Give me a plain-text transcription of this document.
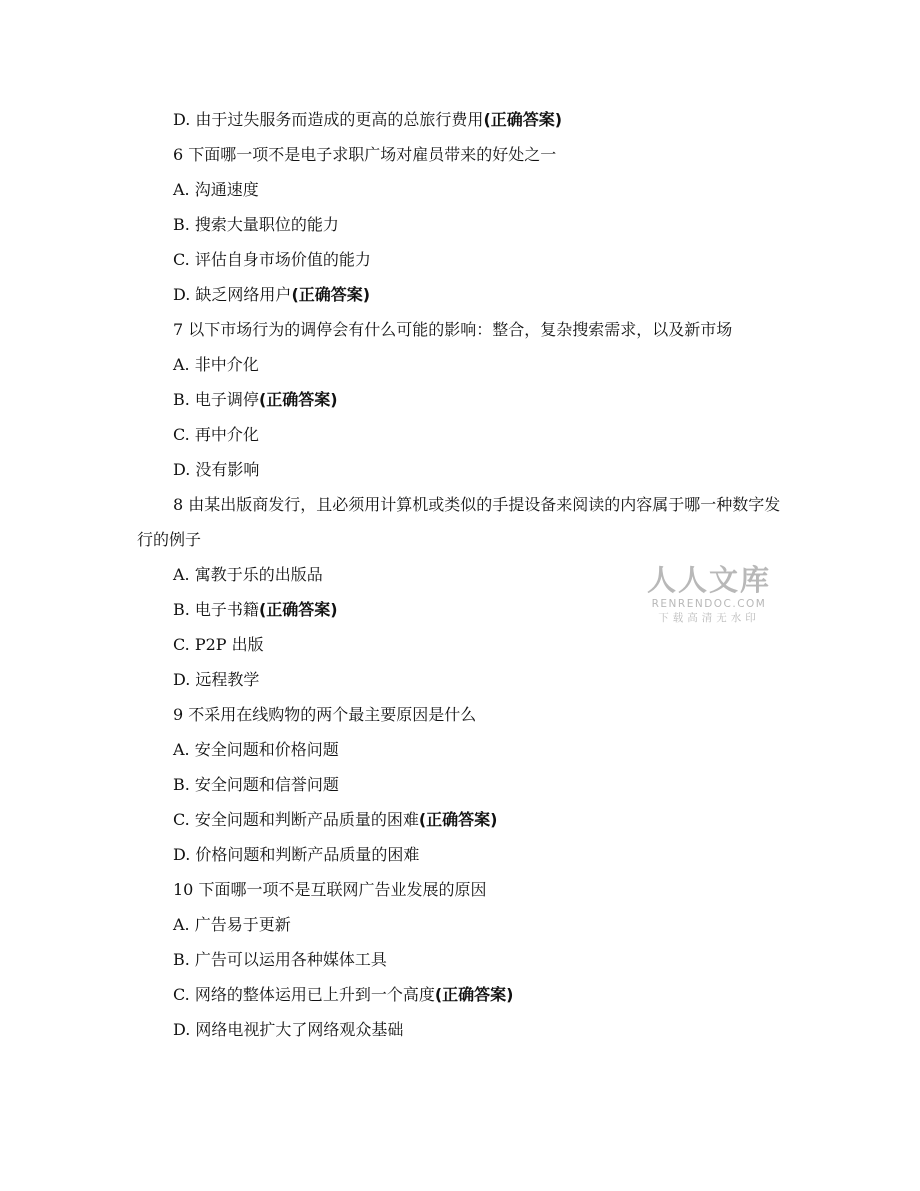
D. 由于过失服务而造成的更高的总旅行费用(正确答案)
6 下面哪一项不是电子求职广场对雇员带来的好处之一
A. 沟通速度
B. 搜索大量职位的能力
C. 评估自身市场价值的能力
D. 缺乏网络用户(正确答案)
7 以下市场行为的调停会有什么可能的影响：整合，复杂搜索需求，以及新市场
A. 非中介化
B. 电子调停(正确答案)
C. 再中介化
D. 没有影响
8 由某出版商发行，且必须用计算机或类似的手提设备来阅读的内容属于哪一种数字发行的例子
A. 寓教于乐的出版品
B. 电子书籍(正确答案)
C. P2P 出版
D. 远程教学
9 不采用在线购物的两个最主要原因是什么
A. 安全问题和价格问题
B. 安全问题和信誉问题
C. 安全问题和判断产品质量的困难(正确答案)
D. 价格问题和判断产品质量的困难
10 下面哪一项不是互联网广告业发展的原因
A. 广告易于更新
B. 广告可以运用各种媒体工具
C. 网络的整体运用已上升到一个高度(正确答案)
D. 网络电视扩大了网络观众基础
人人文库
RENRENDOC.COM
下载高清无水印
